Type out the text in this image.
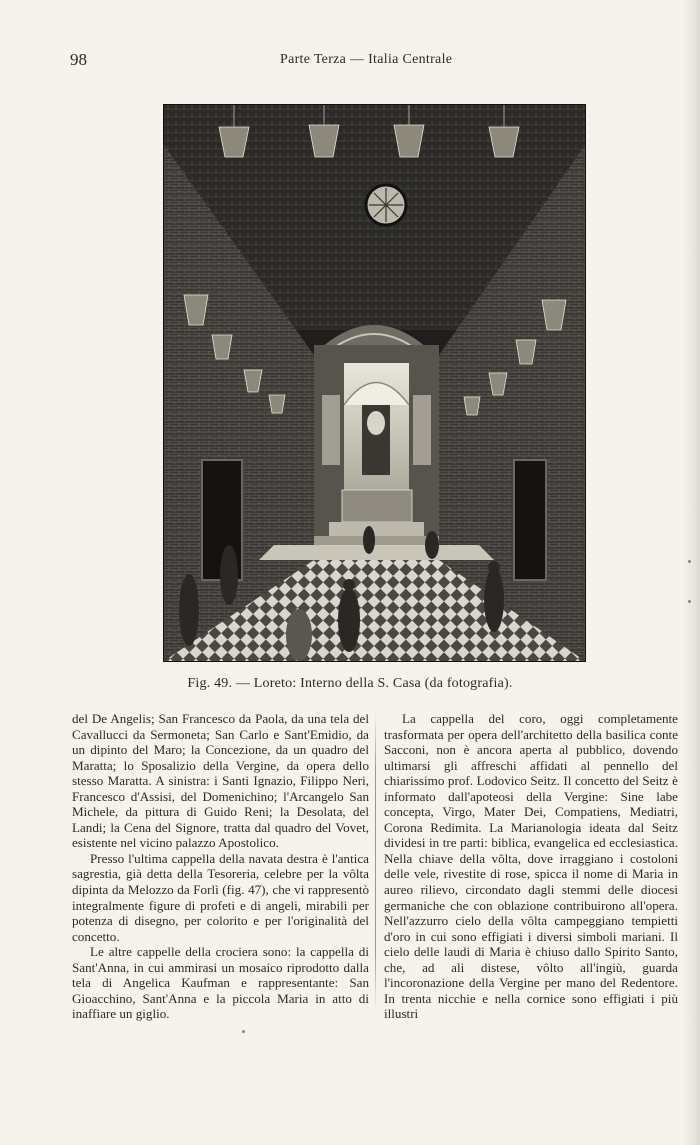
98	Parte Terza — Italia Centrale
Fig. 49. — Loreto: Interno della S. Casa (da fotografia).

del De Angelis; San Francesco da Paola, da una tela del Cavallucci da Sermoneta; San Carlo e Sant'Emidio, da un dipinto del Maro; la Concezione, da un quadro del Maratta; lo Sposalizio della Vergine, da opera dello stesso Maratta. A sinistra: i Santi Ignazio, Filippo Neri, Francesco d'Assisi, del Domenichino; l'Arcangelo San Michele, da pittura di Guido Reni; la Desolata, del Landi; la Cena del Signore, tratta dal quadro del Vovet, esistente nel vicino palazzo Apostolico.

Presso l'ultima cappella della navata destra è l'antica sagrestia, già detta della Tesoreria, celebre per la vôlta dipinta da Melozzo da Forlì (fig. 47), che vi rappresentò integralmente figure di profeti e di angeli, mirabili per potenza di disegno, per colorito e per l'originalità del concetto.

Le altre cappelle della crociera sono: la cappella di Sant'Anna, in cui ammirasi un mosaico riprodotto dalla tela di Angelica Kaufman e rappresentante: San Gioacchino, Sant'Anna e la piccola Maria in atto di inaffiare un giglio.

La cappella del coro, oggi completamente trasformata per opera dell'architetto della basilica conte Sacconi, non è ancora aperta al pubblico, dovendo ultimarsi gli affreschi affidati al pennello del chiarissimo prof. Lodovico Seitz. Il concetto del Seitz è informato dall'apoteosi della Vergine: Sine labe concepta, Virgo, Mater Dei, Compatiens, Mediatri, Corona Redimita. La Marianologia ideata dal Seitz dividesi in tre parti: biblica, evangelica ed ecclesiastica. Nella chiave della vôlta, dove irraggiano i costoloni delle vele, rivestite di rose, spicca il nome di Maria in aureo rilievo, circondato dagli stemmi delle diocesi germaniche che con oblazione contribuirono all'opera. Nell'azzurro cielo della vôlta campeggiano tempietti d'oro in cui sono effigiati i diversi simboli mariani. Il cielo delle laudi di Maria è chiuso dallo Spirito Santo, che, ad ali distese, vôlto all'ingiù, guarda l'incoronazione della Vergine per mano del Redentore. In trenta nicchie e nella cornice sono effigiati i più illustri
